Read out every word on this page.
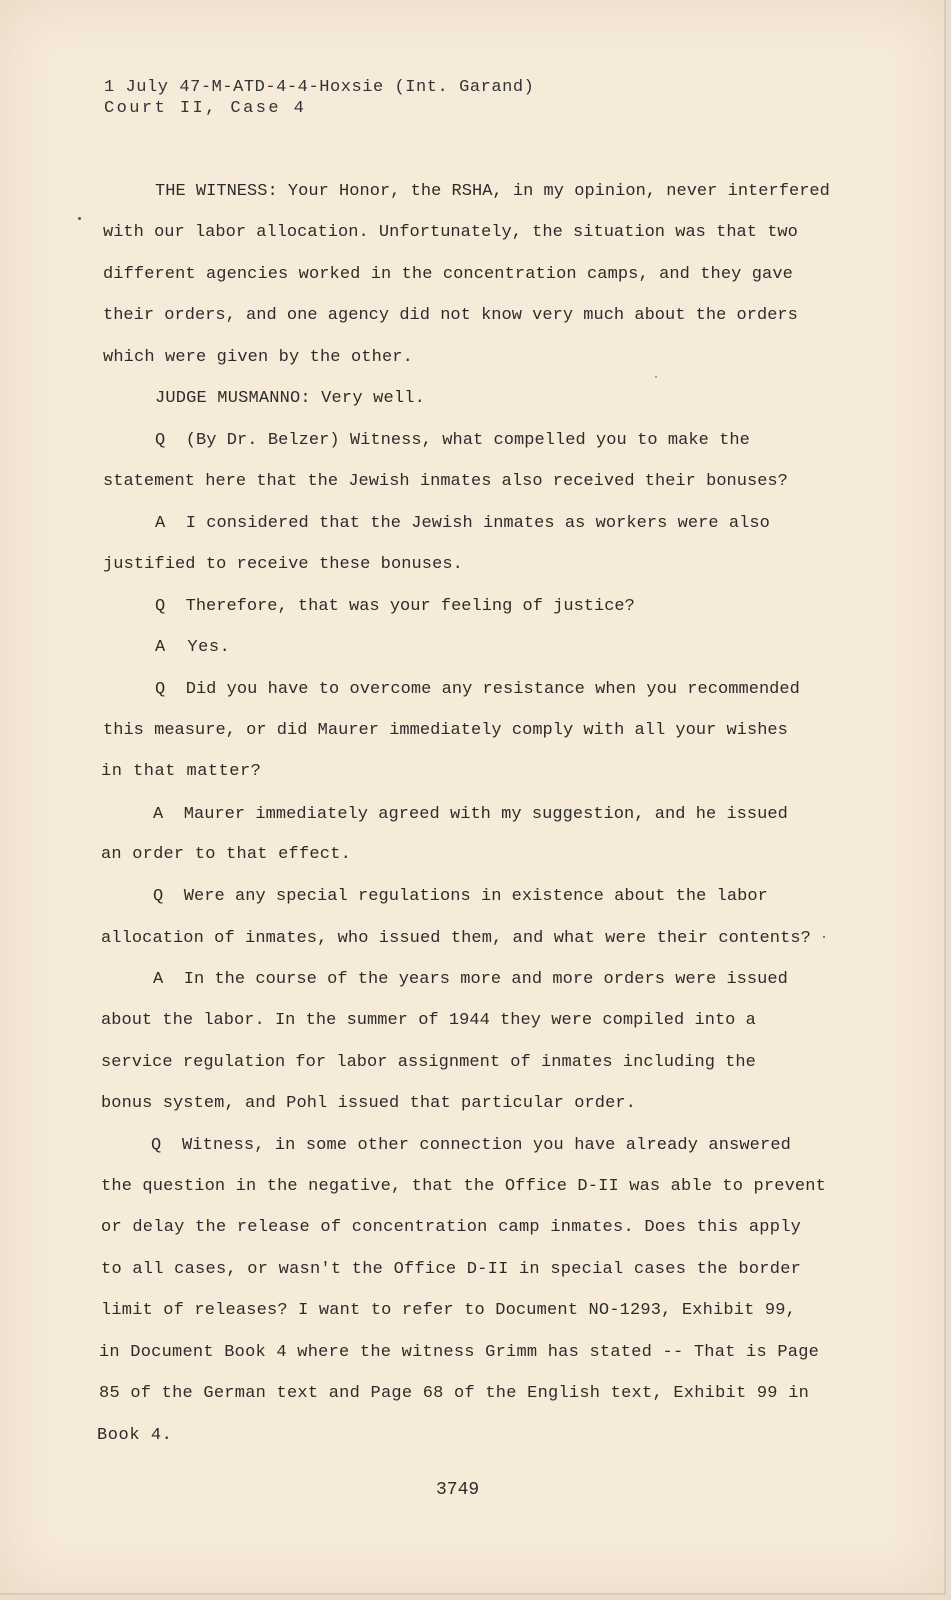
1 July 47-M-ATD-4-4-Hoxsie (Int. Garand)
Court II, Case 4
THE WITNESS: Your Honor, the RSHA, in my opinion, never interfered
with our labor allocation. Unfortunately, the situation was that two
different agencies worked in the concentration camps, and they gave
their orders, and one agency did not know very much about the orders
which were given by the other.
JUDGE MUSMANNO: Very well.
Q  (By Dr. Belzer) Witness, what compelled you to make the
statement here that the Jewish inmates also received their bonuses?
A  I considered that the Jewish inmates as workers were also
justified to receive these bonuses.
Q  Therefore, that was your feeling of justice?
A  Yes.
Q  Did you have to overcome any resistance when you recommended
this measure, or did Maurer immediately comply with all your wishes
in that matter?
A  Maurer immediately agreed with my suggestion, and he issued
an order to that effect.
Q  Were any special regulations in existence about the labor
allocation of inmates, who issued them, and what were their contents?
A  In the course of the years more and more orders were issued
about the labor. In the summer of 1944 they were compiled into a
service regulation for labor assignment of inmates including the
bonus system, and Pohl issued that particular order.
Q  Witness, in some other connection you have already answered
the question in the negative, that the Office D-II was able to prevent
or delay the release of concentration camp inmates. Does this apply
to all cases, or wasn't the Office D-II in special cases the border
limit of releases? I want to refer to Document NO-1293, Exhibit 99,
in Document Book 4 where the witness Grimm has stated -- That is Page
85 of the German text and Page 68 of the English text, Exhibit 99 in
Book 4.
3749
